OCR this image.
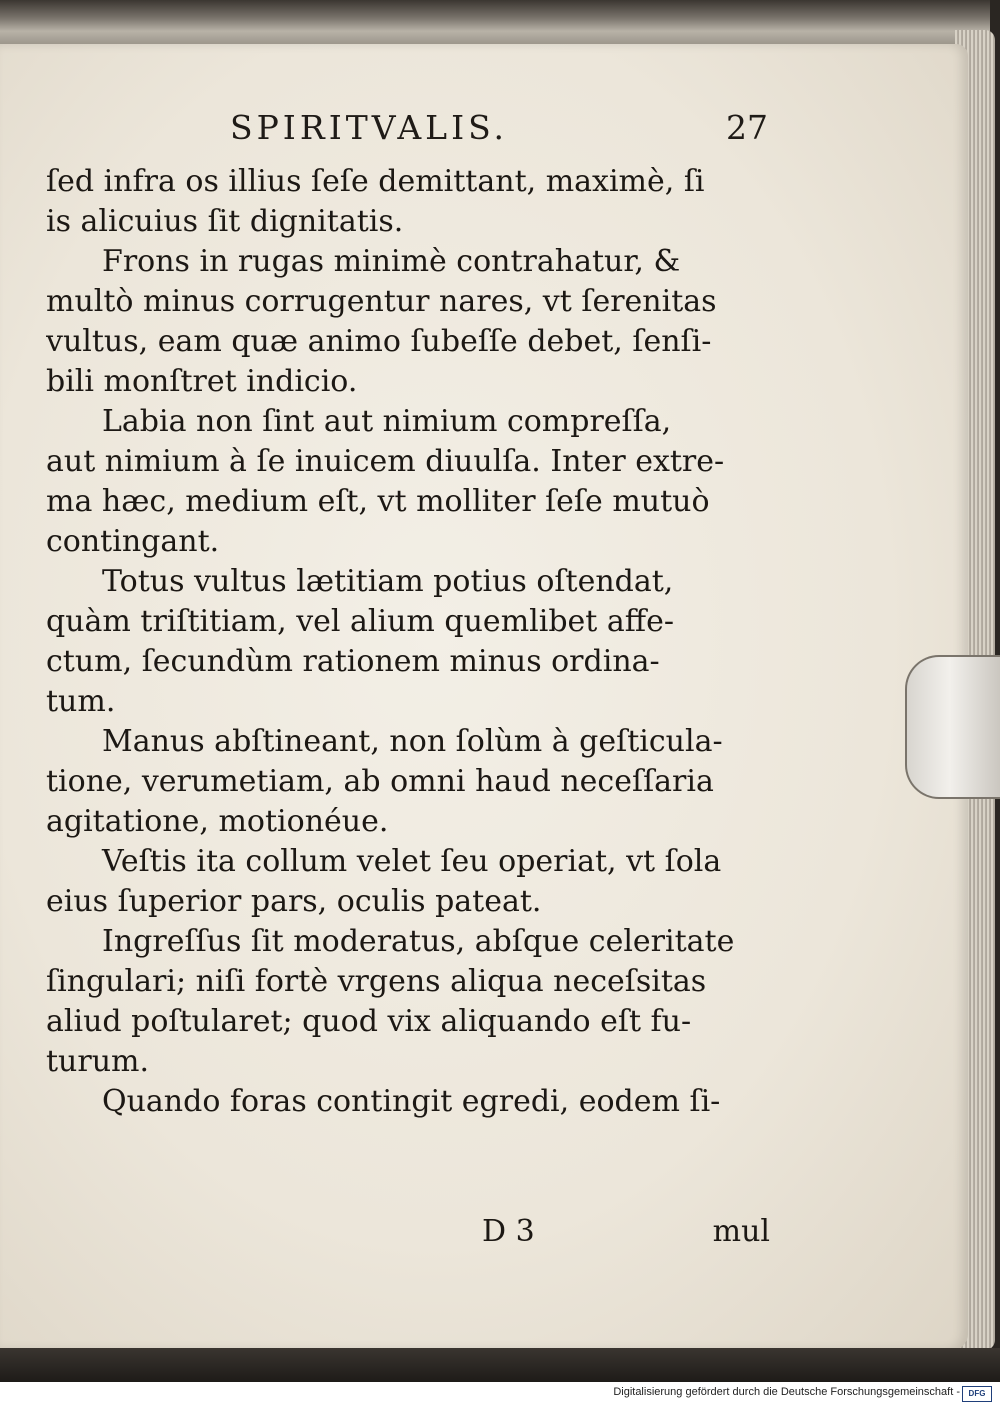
SPIRITVALIS.	27
ſed infra os illius ſeſe demittant, maximè, ſi
is alicuius ſit dignitatis.
Frons in rugas minimè contrahatur, &
multò minus corrugentur nares, vt ſerenitas
vultus, eam quæ animo ſubeſſe debet, ſenſi-
bili monſtret indicio.
Labia non ſint aut nimium compreſſa,
aut nimium à ſe inuicem diuulſa. Inter extre-
ma hæc, medium eſt, vt molliter ſeſe mutuò
contingant.
Totus vultus lætitiam potius oſtendat,
quàm triſtitiam, vel alium quemlibet affe-
ctum, ſecundùm rationem minus ordina-
tum.
Manus abſtineant, non ſolùm à geſticula-
tione, verumetiam, ab omni haud neceſſaria
agitatione, motionéue.
Veſtis ita collum velet ſeu operiat, vt ſola
eius ſuperior pars, oculis pateat.
Ingreſſus ſit moderatus, abſque celeritate
ſingulari; niſi fortè vrgens aliqua neceſsitas
aliud poſtularet; quod vix aliquando eſt fu-
turum.
Quando foras contingit egredi, eodem ſi-
D 3	mul
Digitalisierung gefördert durch die Deutsche Forschungsgemeinschaft -	DFG
